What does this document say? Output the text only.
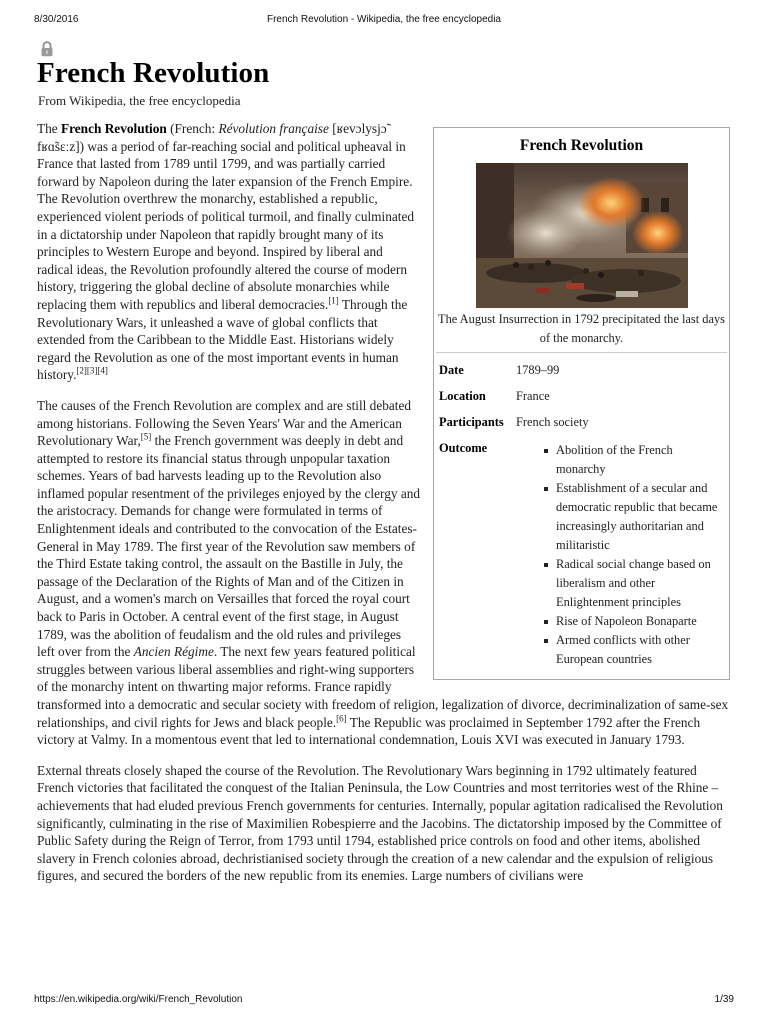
8/30/2016	French Revolution - Wikipedia, the free encyclopedia
French Revolution
From Wikipedia, the free encyclopedia
French Revolution
The August Insurrection in 1792 precipitated the last days of the monarchy.
Date	1789–99
Location	France
Participants French society
Outcome	Abolition of the French monarchy
Establishment of a secular and democratic republic that became increasingly authoritarian and militaristic
Radical social change based on liberalism and other Enlightenment principles
Rise of Napoleon Bonaparte
Armed conflicts with other European countries

The French Revolution (French: Révolution française [ʁevɔlysjɔ̃ fʁɑ̃sɛːz]) was a period of far-reaching social and political upheaval in France that lasted from 1789 until 1799, and was partially carried forward by Napoleon during the later expansion of the French Empire. The Revolution overthrew the monarchy, established a republic, experienced violent periods of political turmoil, and finally culminated in a dictatorship under Napoleon that rapidly brought many of its principles to Western Europe and beyond. Inspired by liberal and radical ideas, the Revolution profoundly altered the course of modern history, triggering the global decline of absolute monarchies while replacing them with republics and liberal democracies.[1] Through the Revolutionary Wars, it unleashed a wave of global conflicts that extended from the Caribbean to the Middle East. Historians widely regard the Revolution as one of the most important events in human history.[2][3][4]

The causes of the French Revolution are complex and are still debated among historians. Following the Seven Years' War and the American Revolutionary War,[5] the French government was deeply in debt and attempted to restore its financial status through unpopular taxation schemes. Years of bad harvests leading up to the Revolution also inflamed popular resentment of the privileges enjoyed by the clergy and the aristocracy. Demands for change were formulated in terms of Enlightenment ideals and contributed to the convocation of the Estates-General in May 1789. The first year of the Revolution saw members of the Third Estate taking control, the assault on the Bastille in July, the passage of the Declaration of the Rights of Man and of the Citizen in August, and a women's march on Versailles that forced the royal court back to Paris in October. A central event of the first stage, in August 1789, was the abolition of feudalism and the old rules and privileges left over from the Ancien Régime. The next few years featured political struggles between various liberal assemblies and right-wing supporters of the monarchy intent on thwarting major reforms. France rapidly transformed into a democratic and secular society with freedom of religion, legalization of divorce, decriminalization of same-sex relationships, and civil rights for Jews and black people.[6] The Republic was proclaimed in September 1792 after the French victory at Valmy. In a momentous event that led to international condemnation, Louis XVI was executed in January 1793.

External threats closely shaped the course of the Revolution. The Revolutionary Wars beginning in 1792 ultimately featured French victories that facilitated the conquest of the Italian Peninsula, the Low Countries and most territories west of the Rhine – achievements that had eluded previous French governments for centuries. Internally, popular agitation radicalised the Revolution significantly, culminating in the rise of Maximilien Robespierre and the Jacobins. The dictatorship imposed by the Committee of Public Safety during the Reign of Terror, from 1793 until 1794, established price controls on food and other items, abolished slavery in French colonies abroad, dechristianised society through the creation of a new calendar and the expulsion of religious figures, and secured the borders of the new republic from its enemies. Large numbers of civilians were

https://en.wikipedia.org/wiki/French_Revolution	1/39
